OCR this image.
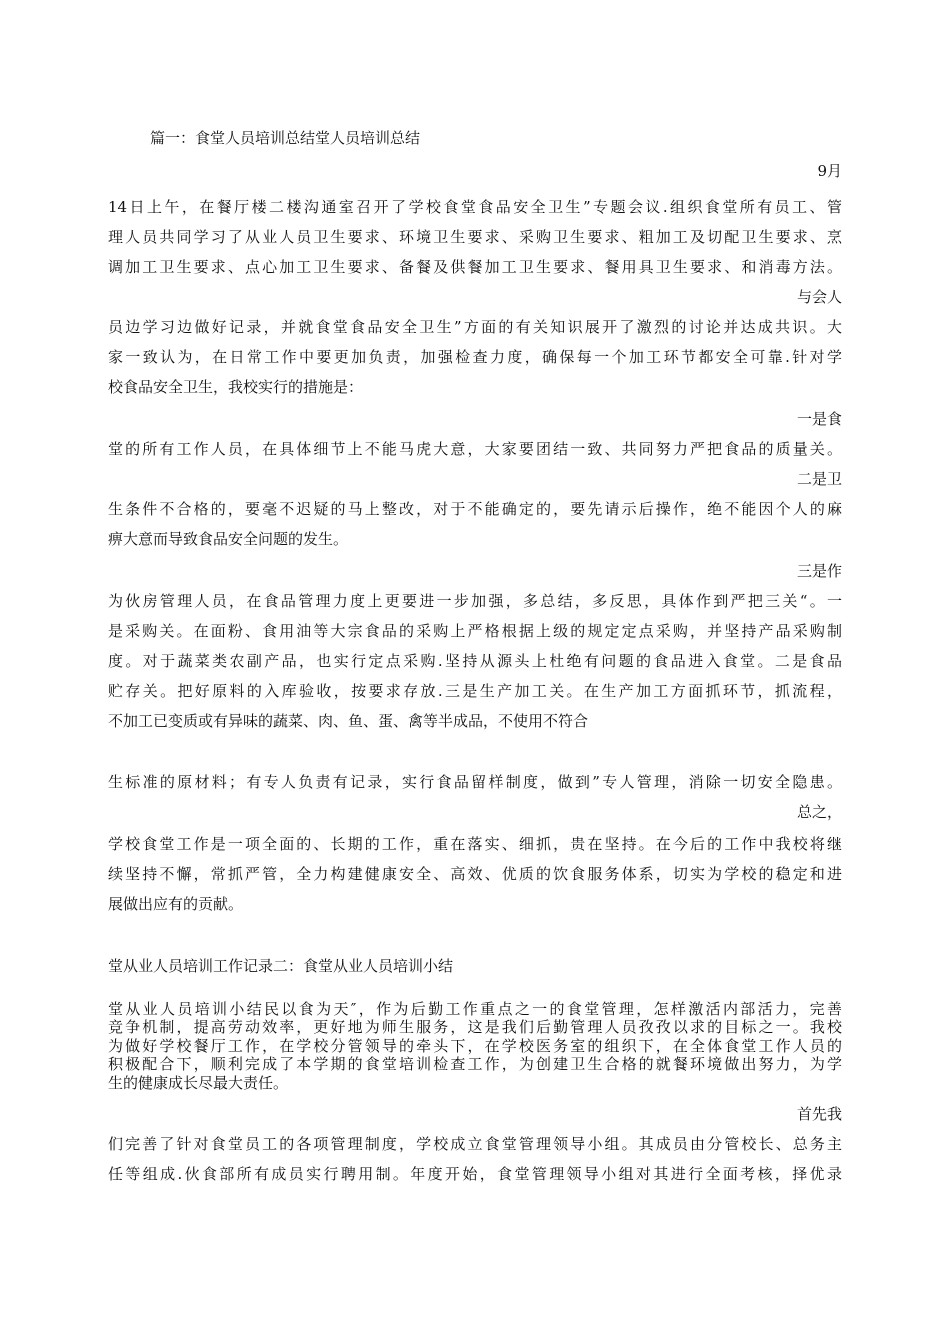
篇一：食堂人员培训总结堂人员培训总结
9月
14日上午，在餐厅楼二楼沟通室召开了学校食堂食品安全卫生”专题会议.组织食堂所有员工、管
理人员共同学习了从业人员卫生要求、环境卫生要求、采购卫生要求、粗加工及切配卫生要求、烹
调加工卫生要求、点心加工卫生要求、备餐及供餐加工卫生要求、餐用具卫生要求、和消毒方法。
与会人
员边学习边做好记录，并就食堂食品安全卫生”方面的有关知识展开了激烈的讨论并达成共识。大
家一致认为，在日常工作中要更加负责，加强检查力度，确保每一个加工环节都安全可靠.针对学
校食品安全卫生，我校实行的措施是：
一是食
堂的所有工作人员，在具体细节上不能马虎大意，大家要团结一致、共同努力严把食品的质量关。
二是卫
生条件不合格的，要毫不迟疑的马上整改，对于不能确定的，要先请示后操作，绝不能因个人的麻
痹大意而导致食品安全问题的发生。
三是作
为伙房管理人员，在食品管理力度上更要进一步加强，多总结，多反思，具体作到严把三关“。一
是采购关。在面粉、食用油等大宗食品的采购上严格根据上级的规定定点采购，并坚持产品采购制
度。对于蔬菜类农副产品，也实行定点采购.坚持从源头上杜绝有问题的食品进入食堂。二是食品
贮存关。把好原料的入库验收，按要求存放.三是生产加工关。在生产加工方面抓环节，抓流程，
不加工已变质或有异味的蔬菜、肉、鱼、蛋、禽等半成品，不使用不符合
生标准的原材料；有专人负责有记录，实行食品留样制度，做到”专人管理，消除一切安全隐患。
总之，
学校食堂工作是一项全面的、长期的工作，重在落实、细抓，贵在坚持。在今后的工作中我校将继
续坚持不懈，常抓严管，全力构建健康安全、高效、优质的饮食服务体系，切实为学校的稳定和进
展做出应有的贡献。
堂从业人员培训工作记录二：食堂从业人员培训小结
堂从业人员培训小结民以食为天″，作为后勤工作重点之一的食堂管理，怎样激活内部活力，完善
竞争机制，提高劳动效率，更好地为师生服务，这是我们后勤管理人员孜孜以求的目标之一。我校
为做好学校餐厅工作，在学校分管领导的牵头下，在学校医务室的组织下，在全体食堂工作人员的
积极配合下，顺利完成了本学期的食堂培训检查工作，为创建卫生合格的就餐环境做出努力，为学
生的健康成长尽最大责任。
首先我
们完善了针对食堂员工的各项管理制度，学校成立食堂管理领导小组。其成员由分管校长、总务主
任等组成.伙食部所有成员实行聘用制。年度开始，食堂管理领导小组对其进行全面考核，择优录
